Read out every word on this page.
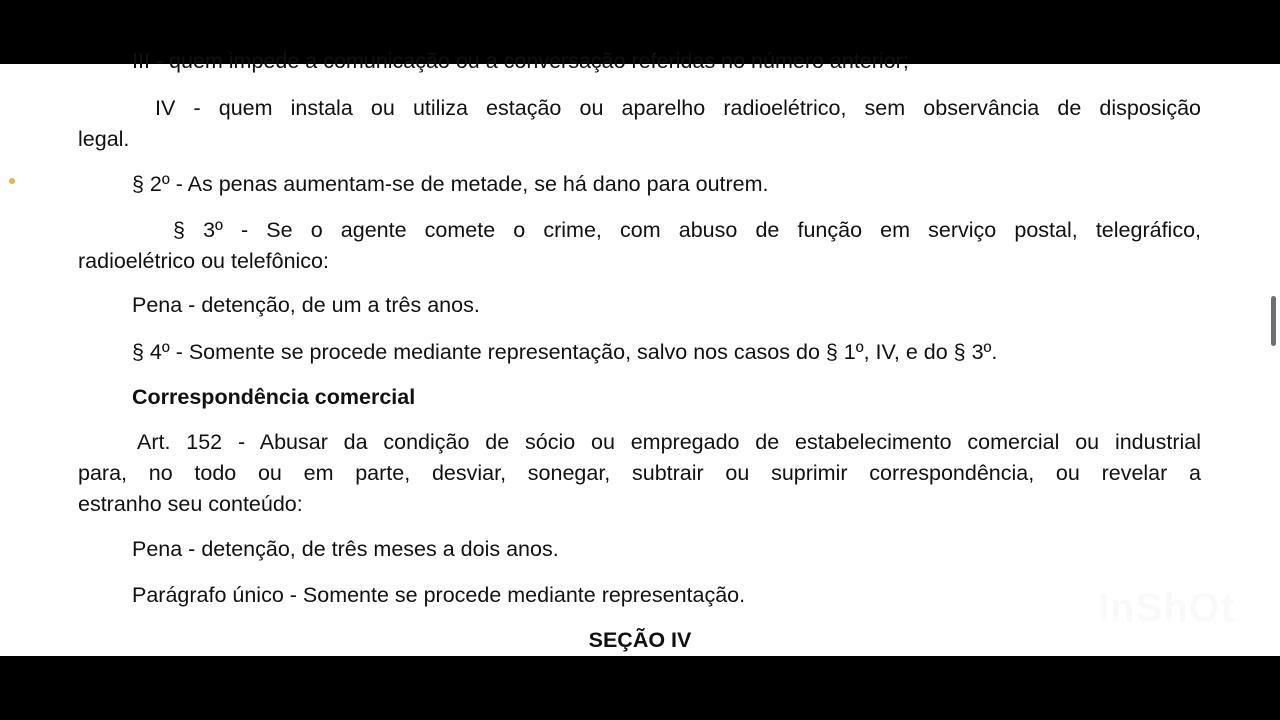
III - quem impede a comunicação ou a conversação referidas no número anterior;
IV - quem instala ou utiliza estação ou aparelho radioelétrico, sem observância de disposição
legal.
§ 2º - As penas aumentam-se de metade, se há dano para outrem.
§ 3º - Se o agente comete o crime, com abuso de função em serviço postal, telegráfico,
radioelétrico ou telefônico:
Pena - detenção, de um a três anos.
§ 4º - Somente se procede mediante representação, salvo nos casos do § 1º, IV, e do § 3º.
Correspondência comercial
Art. 152 - Abusar da condição de sócio ou empregado de estabelecimento comercial ou industrial
para, no todo ou em parte, desviar, sonegar, subtrair ou suprimir correspondência, ou revelar a
estranho seu conteúdo:
Pena - detenção, de três meses a dois anos.
Parágrafo único - Somente se procede mediante representação.
SEÇÃO IV
